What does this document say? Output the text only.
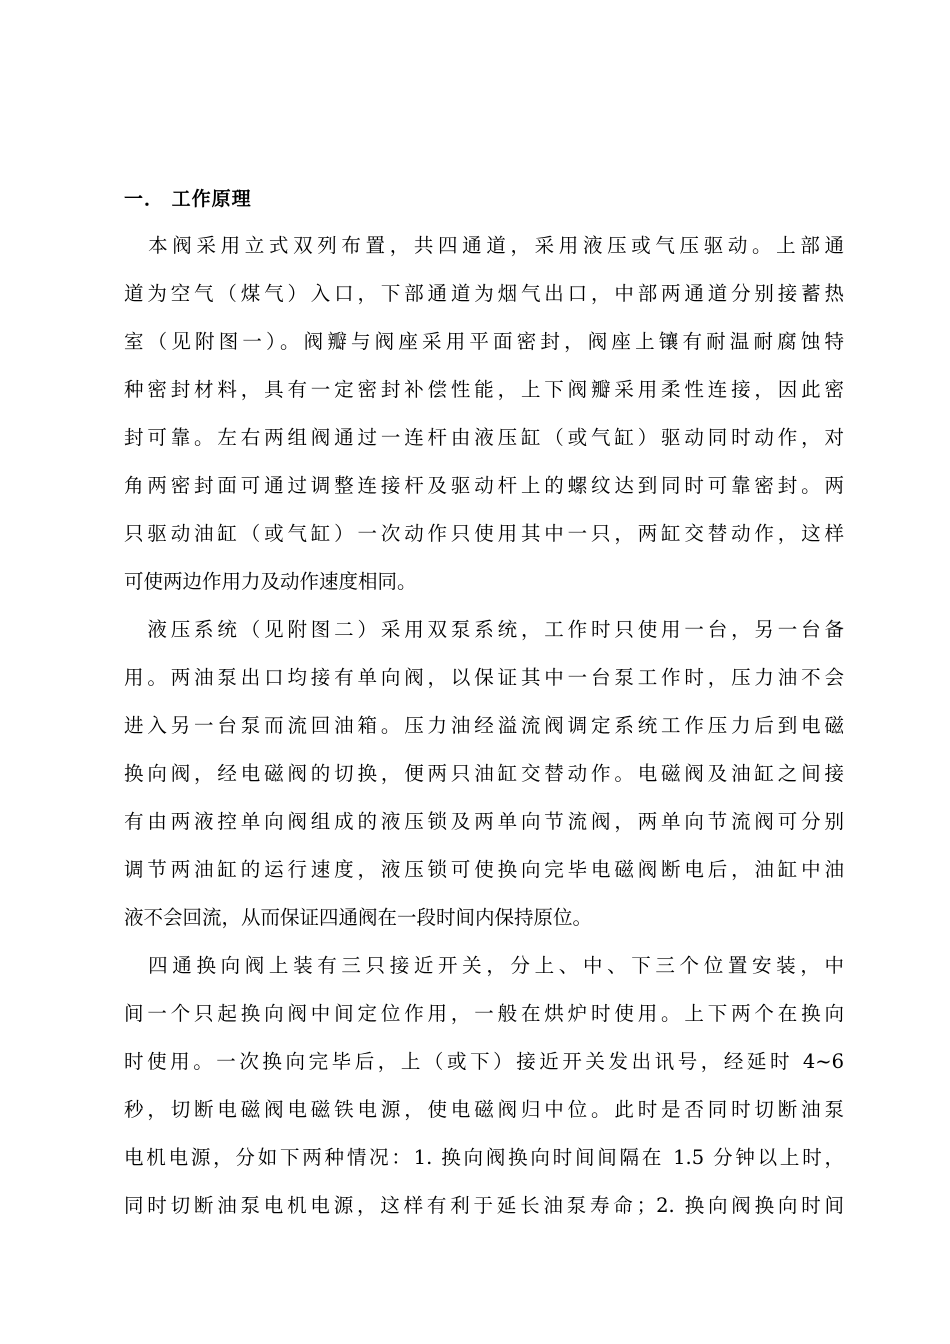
一． 工作原理
　本阀采用立式双列布置，共四通道，采用液压或气压驱动。上部通
道为空气（煤气）入口，下部通道为烟气出口，中部两通道分别接蓄热
室（见附图一）。阀瓣与阀座采用平面密封，阀座上镶有耐温耐腐蚀特
种密封材料，具有一定密封补偿性能，上下阀瓣采用柔性连接，因此密
封可靠。左右两组阀通过一连杆由液压缸（或气缸）驱动同时动作，对
角两密封面可通过调整连接杆及驱动杆上的螺纹达到同时可靠密封。两
只驱动油缸（或气缸）一次动作只使用其中一只，两缸交替动作，这样
可使两边作用力及动作速度相同。
　液压系统（见附图二）采用双泵系统，工作时只使用一台，另一台备
用。两油泵出口均接有单向阀，以保证其中一台泵工作时，压力油不会
进入另一台泵而流回油箱。压力油经溢流阀调定系统工作压力后到电磁
换向阀，经电磁阀的切换，便两只油缸交替动作。电磁阀及油缸之间接
有由两液控单向阀组成的液压锁及两单向节流阀，两单向节流阀可分别
调节两油缸的运行速度，液压锁可使换向完毕电磁阀断电后，油缸中油
液不会回流，从而保证四通阀在一段时间内保持原位。
　四通换向阀上装有三只接近开关，分上、中、下三个位置安装，中
间一个只起换向阀中间定位作用，一般在烘炉时使用。上下两个在换向
时使用。一次换向完毕后，上（或下）接近开关发出讯号，经延时 4~6
秒，切断电磁阀电磁铁电源，使电磁阀归中位。此时是否同时切断油泵
电机电源，分如下两种情况：1. 换向阀换向时间间隔在 1.5 分钟以上时，
同时切断油泵电机电源，这样有利于延长油泵寿命；2. 换向阀换向时间
